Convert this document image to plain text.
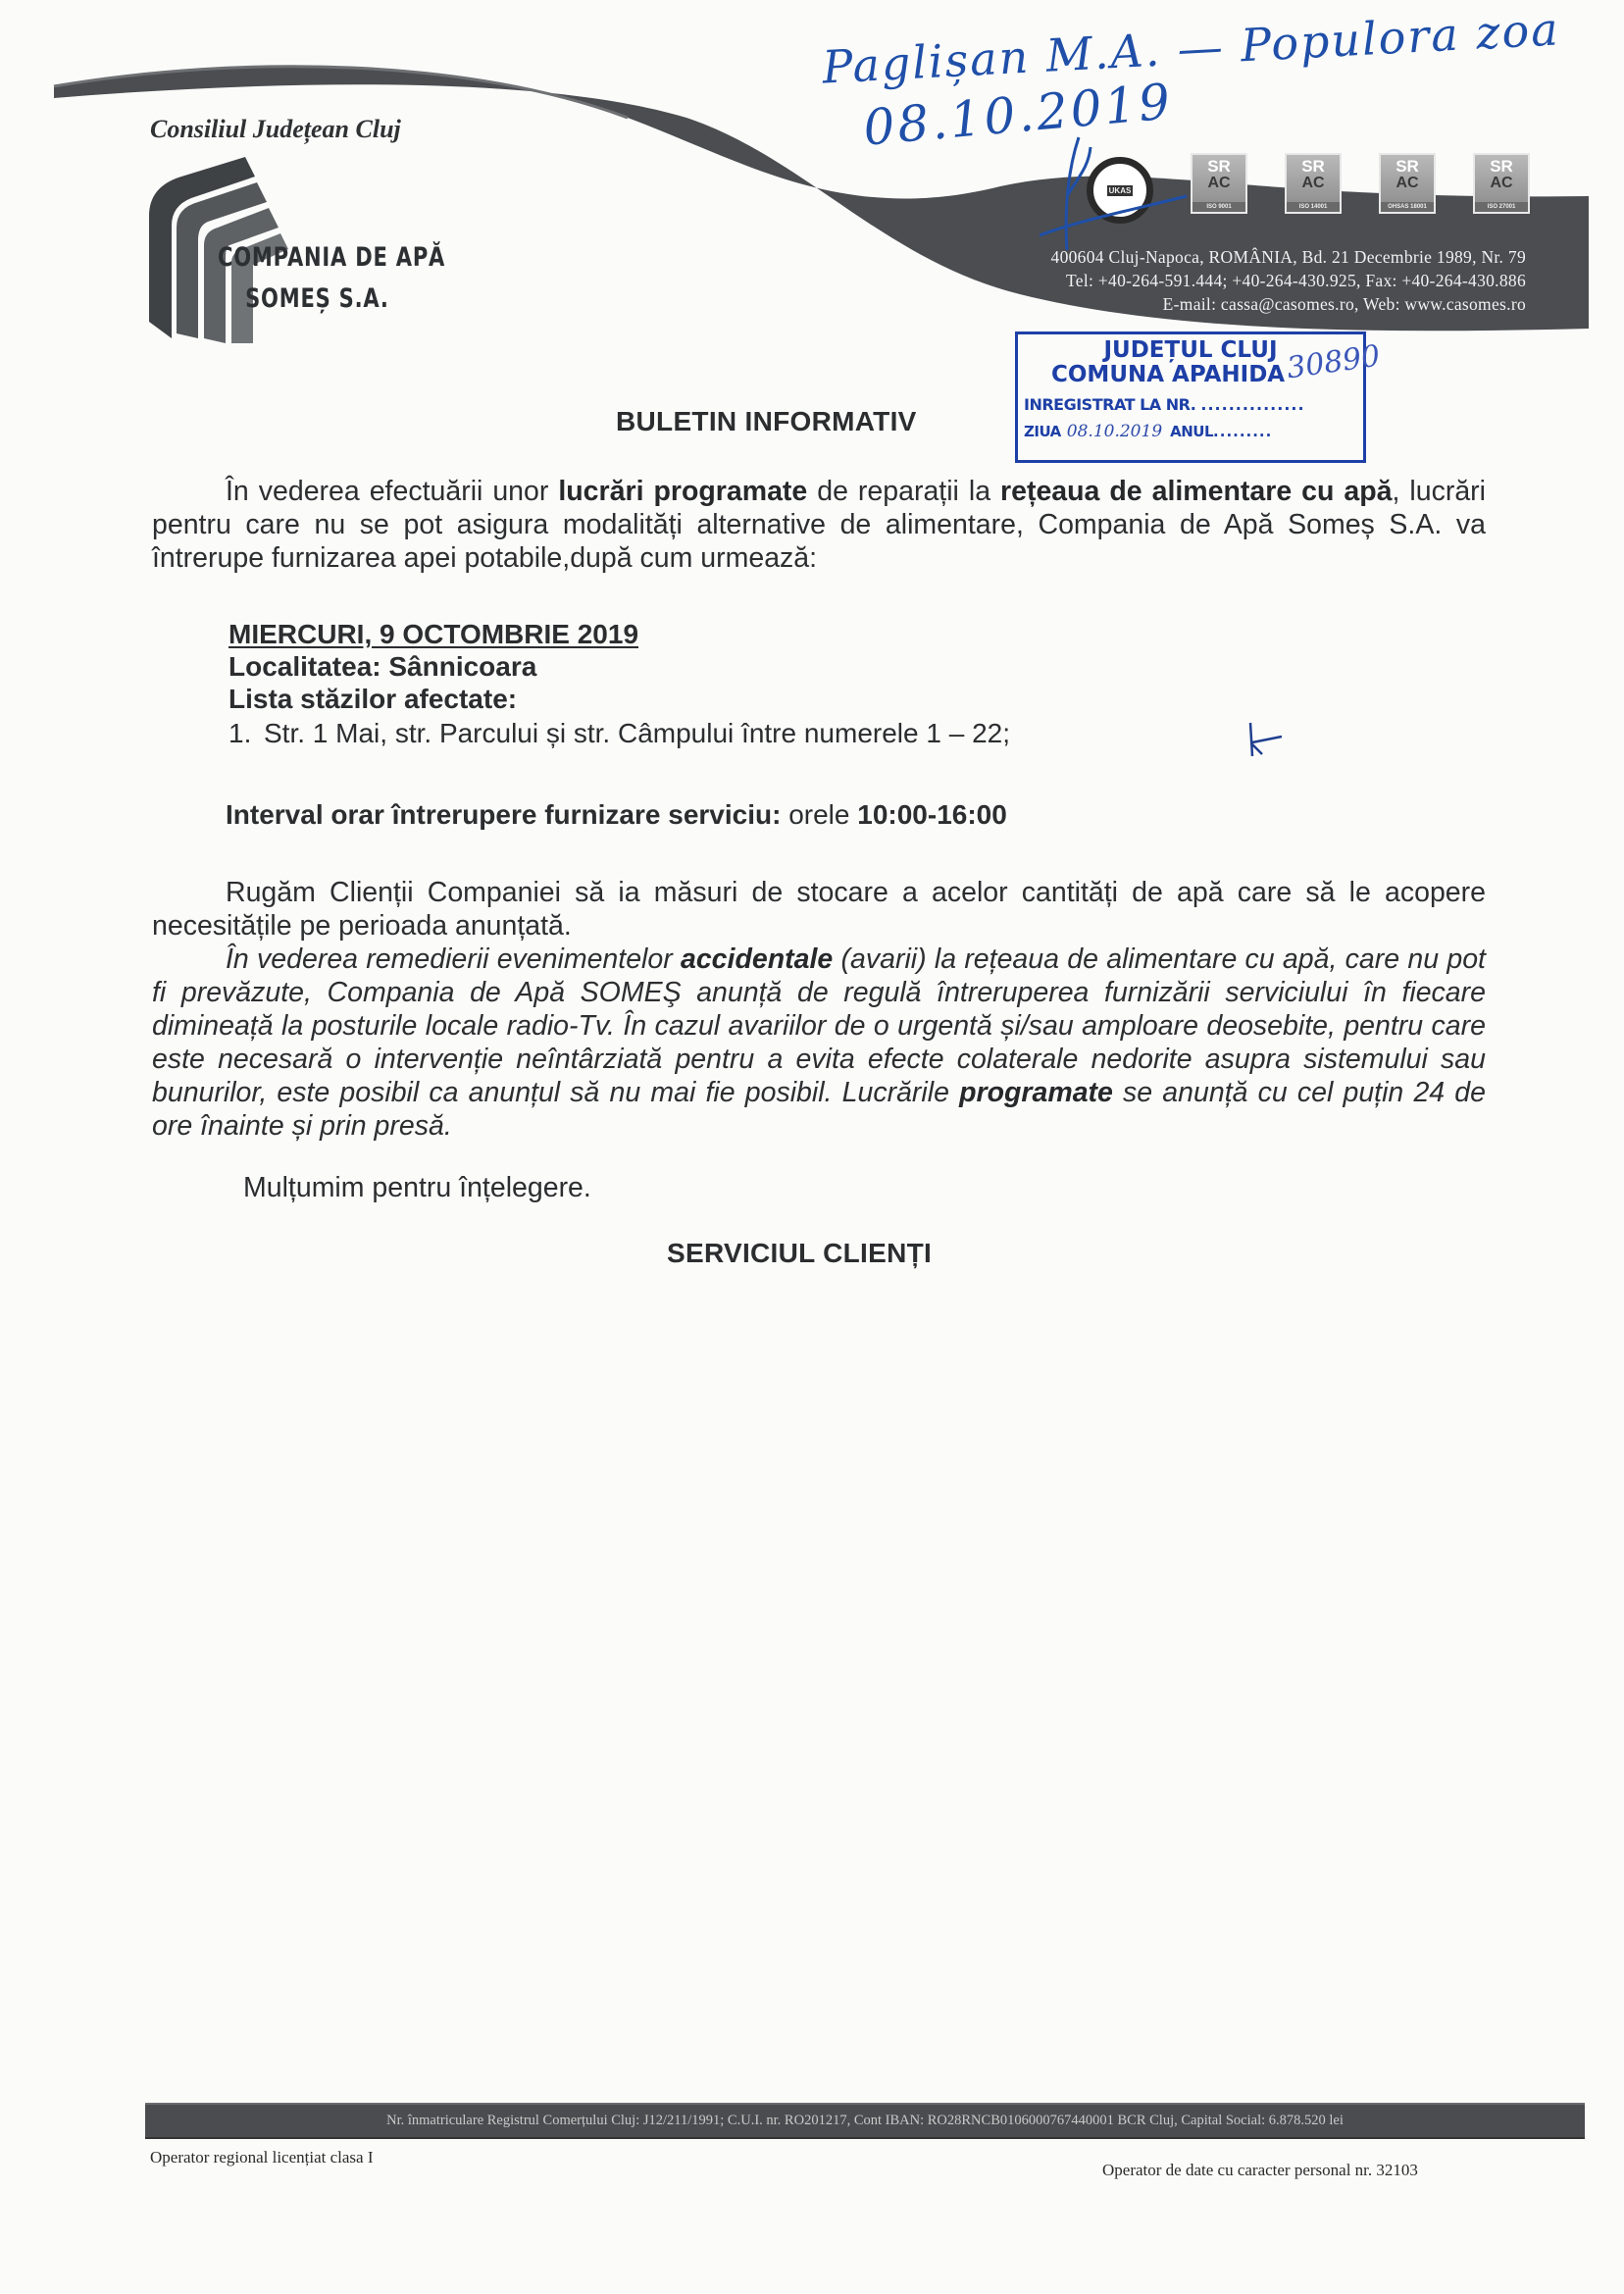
Consiliul Județean Cluj
COMPANIA DE APĂ
SOMEȘ S.A.
UKAS
SR
AC
ISO 9001
SR
AC
ISO 14001
SR
AC
OHSAS 18001
SR
AC
ISO 27001
400604 Cluj-Napoca, ROMÂNIA, Bd. 21 Decembrie 1989, Nr. 79
Tel: +40-264-591.444; +40-264-430.925, Fax: +40-264-430.886
E-mail: cassa@casomes.ro, Web: www.casomes.ro
Paglișan M.A. — Populora zoa
08.10.2019
JUDEȚUL CLUJ
COMUNA APAHIDA
INREGISTRAT LA NR. ...............
ZIUA 08.10.2019 ANUL .........
30890
BULETIN INFORMATIV
În vederea efectuării unor lucrări programate de reparații la rețeaua de alimentare cu apă, lucrări pentru care nu se pot asigura modalități alternative de alimentare, Compania de Apă Someș S.A. va întrerupe furnizarea apei potabile,după cum urmează:
MIERCURI, 9 OCTOMBRIE 2019
Localitatea: Sânnicoara
Lista stăzilor afectate:
1. Str. 1 Mai, str. Parcului și str. Câmpului între numerele 1 – 22;
Interval orar întrerupere furnizare serviciu: orele 10:00-16:00
Rugăm Clienții Companiei să ia măsuri de stocare a acelor cantități de apă care să le acopere necesitățile pe perioada anunțată.
În vederea remedierii evenimentelor accidentale (avarii) la rețeaua de alimentare cu apă, care nu pot fi prevăzute, Compania de Apă SOMEŞ anunță de regulă întreruperea furnizării serviciului în fiecare dimineață la posturile locale radio-Tv. În cazul avariilor de o urgentă și/sau amploare deosebite, pentru care este necesară o intervenție neîntârziată pentru a evita efecte colaterale nedorite asupra sistemului sau bunurilor, este posibil ca anunțul să nu mai fie posibil. Lucrările programate se anunță cu cel puțin 24 de ore înainte și prin presă.
Mulțumim pentru înțelegere.
SERVICIUL CLIENȚI
Nr. înmatriculare Registrul Comerțului Cluj: J12/211/1991; C.U.I. nr. RO201217, Cont IBAN: RO28RNCB0106000767440001 BCR Cluj, Capital Social: 6.878.520 lei
Operator regional licențiat clasa I
Operator de date cu caracter personal nr. 32103
